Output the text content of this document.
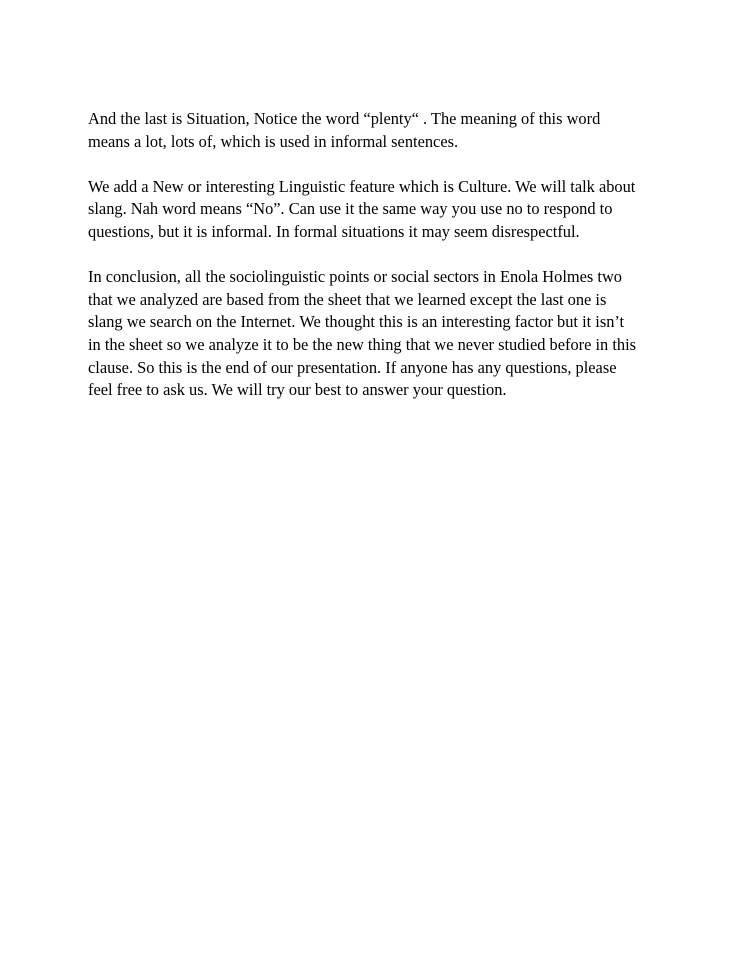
And the last is Situation, Notice the word “plenty“ . The meaning of this word
means a lot, lots of, which is used in informal sentences.

We add a New or interesting Linguistic feature which is Culture. We will talk about
slang. Nah word means “No”. Can use it the same way you use no to respond to
questions, but it is informal. In formal situations it may seem disrespectful.

In conclusion, all the sociolinguistic points or social sectors in Enola Holmes two
that we analyzed are based from the sheet that we learned except the last one is
slang we search on the Internet. We thought this is an interesting factor but it isn’t
in the sheet so we analyze it to be the new thing that we never studied before in this
clause. So this is the end of our presentation. If anyone has any questions, please
feel free to ask us. We will try our best to answer your question.
